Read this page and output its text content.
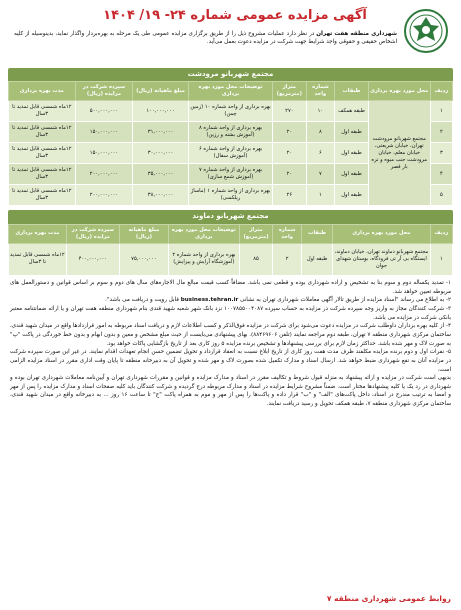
آگهی مزایده عمومی شماره ۲۴- ۱۹/ ۱۴۰۴
شهرداری منطقه هفت تهران در نظر دارد عملیات مشروح ذیل را از طریق برگزاری مزایده عمومی طی یک مرحله به بهره‌بردار واگذار نماید، بدینوسیله از کلیه اشخاص حقیقی و حقوقی واجد شرایط جهت شرکت در مزایده دعوت بعمل می‌آید.
مجتمع شهربانو مرودشت
ردیف	محل مورد بهره برداری	طبقات	شماره واحد	متراژ (مترمربع)	توضیحات محل مورد بهره برداری	مبلغ ماهیانه (ریال)	سپرده شرکت در مزایده (ریال)	مدت بهره برداری
۱	مجتمع شهربانو مرودشت تهران، خیابان شریعتی، خیابان معلم، خیابان مرودشت جنب میوه و تره بار قصر	طبقه همکف	۱۰	۲۷۰	بهره برداری از واحد شماره ۱۰ (زمین چمن)	۱۰۰,۰۰۰,۰۰۰	۵۰۰,۰۰۰,۰۰۰	۱۲ماه شمسی قابل تمدید تا ۳سال
۲		طبقه اول	۸	۲۰	بهره برداری از واحد شماره ۸ (آموزش بشته و رزین)	۳۱,۰۰۰,۰۰۰	۱۵۰,۰۰۰,۰۰۰	۱۲ماه شمسی قابل تمدید تا ۳سال
۳		طبقه اول	۶	۲۰	بهره برداری از واحد شماره ۶ (آموزش سفال)	۳۰,۰۰۰,۰۰۰	۱۵۰,۰۰۰,۰۰۰	۱۲ماه شمسی قابل تمدید تا ۳سال
۴		طبقه اول	۷	۲۰	بهره برداری از واحد شماره ۷ (آموزش شمع سازی)	۳۵,۰۰۰,۰۰۰	۲۰۰,۰۰۰,۰۰۰	۱۲ماه شمسی قابل تمدید تا ۳سال
۵		طبقه اول	۱	۲۶	بهره برداری از واحد شماره ۱ (ماساژ ریلکسی)	۳۸,۰۰۰,۰۰۰	۲۰۰,۰۰۰,۰۰۰	۱۲ماه شمسی قابل تمدید تا ۳سال
مجتمع شهربانو دماوند
ردیف	محل مورد بهره برداری	طبقات	شماره واحد	متراژ (مترمربع)	توضیحات محل مورد بهره برداری	مبلغ ماهیانه (ریال)	سپرده شرکت در مزایده (ریال)	مدت بهره برداری
۱	مجتمع شهربانو دماوند تهران، خیابان دماوند، ایستگاه بی آر تی فرودگاه، بوستان شهدای جوان	طبقه اول	۲	۸۵	بهره برداری از واحد شماره ۲ (آموزشگاه آرایش و پیرایش)	۷۵,۰۰۰,۰۰۰	۴۰۰,۰۰۰,۰۰۰	۱۲ماه شمسی قابل تمدید تا ۳سال

۱- تمدید یکساله دوم و سوم بنا به تشخیص و اراده شهرداری بوده و قطعی نمی باشد. مضافاً کسب قیمت مبالغ مال الاجاره‌های سال های دوم و سوم بر اساس قوانین و دستورالعمل های مربوطه تعیین خواهد شد.

۲- به اطلاع می رساند "اسناد مزایده از طریق تالار آگهی معاملات شهرداری تهران به نشانی business.tehran.ir قابل رویت و دریافت می باشد".

۳- شرکت کنندگان مجاز به واریز وجه سپرده شرکت در مزایده به حساب سپرده ۱۰۰۷۸۵۵۰۰۴۰۸۷ نزد بانک شهر شعبه شهید قندی بنام شهرداری منطقه هفت تهران و یا ارائه ضمانتنامه معتبر بانکی شرکت در مزایده می باشد.

۴- از کلیه بهره برداران داوطلب شرکت در مزایده دعوت می‌شود برای شرکت در مزایده فوق‌الذکر و کسب اطلاعات لازم و دریافت اسناد مربوطه به امور قراردادها واقع در میدان شهید قندی، ساختمان مرکزی شهرداری منطقه ۷ تهران، طبقه دوم مراجعه نمایند (تلفن ۸۸۴۶۹۶۰۶). بهای پیشنهادی می‌بایست از حیث مبلغ مشخص و معین و بدون ابهام و بدون خط خوردگی در پاکت "پ" به صورت لاک و مهر شده باشد. حداکثر زمان لازم برای بررسی پیشنهادها و تشخیص برنده مزایده ۵ روز کاری بعد از تاریخ بازگشایی پاکات خواهد بود.

۵- نفرات اول و دوم برنده مزایده مکلفند ظرف مدت هفت روز کاری از تاریخ ابلاغ نسبت به انعقاد قرارداد و تحویل تضمین حسن انجام تعهدات اقدام نمایند. در غیر این صورت سپرده شرکت در مزایده آنان به نفع شهرداری ضبط خواهد شد. ارسال اسناد و مدارک تکمیل شده بصورت لاک و مهر شده و تحویل آن به دبیرخانه منطقه تا پایان وقت اداری مقرر در اسناد مزایده الزامی است.

بدیهی است شرکت در مزایده و ارائه پیشنهاد به منزله قبول شروط و تکالیف مقرر در اسناد و مدارک مزایده و قوانین و مقررات شهرداری تهران و آیین‌نامه معاملات شهرداری تهران بوده و شهرداری در رد یک یا کلیه پیشنهادها مختار است. ضمناً مشروح شرایط مزایده در اسناد و مدارک مربوطه درج گردیده و شرکت کنندگان باید کلیه صفحات اسناد و مدارک مزایده را پس از مهر و امضا به ترتیب مندرج در اسناد، داخل پاکت‌های "الف" و "ب" قرار داده و پاکت‌ها را پس از مهر و موم به همراه پاکت "ج" تا ساعت ۱۶ روز ... به دبیرخانه واقع در میدان شهید قندی، ساختمان مرکزی شهرداری منطقه ۷، طبقه همکف تحویل و رسید دریافت نمایند.

روابط عمومی شهرداری منطقه ۷
